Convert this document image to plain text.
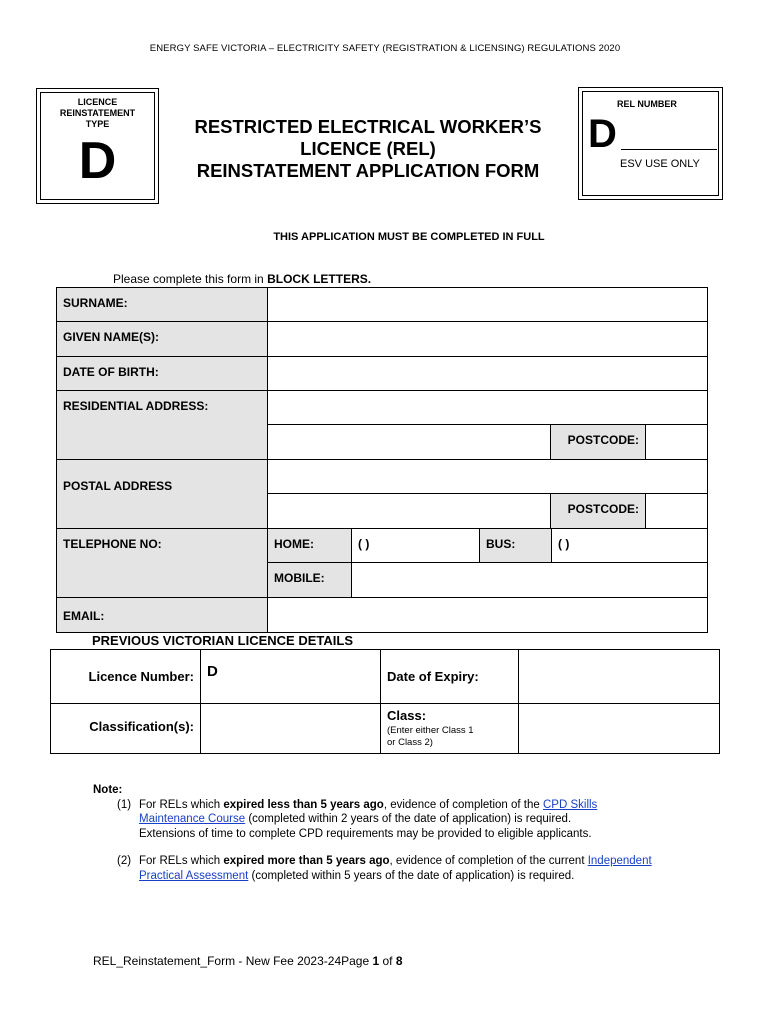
ENERGY SAFE VICTORIA – ELECTRICITY SAFETY (REGISTRATION & LICENSING) REGULATIONS 2020
LICENCE
REINSTATEMENT
TYPE
D
RESTRICTED ELECTRICAL WORKER’S
LICENCE (REL)
REINSTATEMENT APPLICATION FORM
REL NUMBER
D
ESV USE ONLY
THIS APPLICATION MUST BE COMPLETED IN FULL
Please complete this form in BLOCK LETTERS.
SURNAME:
GIVEN NAME(S):
DATE OF BIRTH:
RESIDENTIAL ADDRESS:
POSTCODE:
POSTAL ADDRESS
POSTCODE:
TELEPHONE NO:	HOME:	( )	BUS:	( )
MOBILE:
EMAIL:
PREVIOUS VICTORIAN LICENCE DETAILS
Licence Number: D	Date of Expiry:
Classification(s):
Class:
(Enter either Class 1
or Class 2)
Note:
(1) For RELs which expired less than 5 years ago, evidence of completion of the CPD Skills
Maintenance Course (completed within 2 years of the date of application) is required.
Extensions of time to complete CPD requirements may be provided to eligible applicants.
(2) For RELs which expired more than 5 years ago, evidence of completion of the current Independent
Practical Assessment (completed within 5 years of the date of application) is required.
REL_Reinstatement_Form - New Fee 2023-24Page 1 of 8
